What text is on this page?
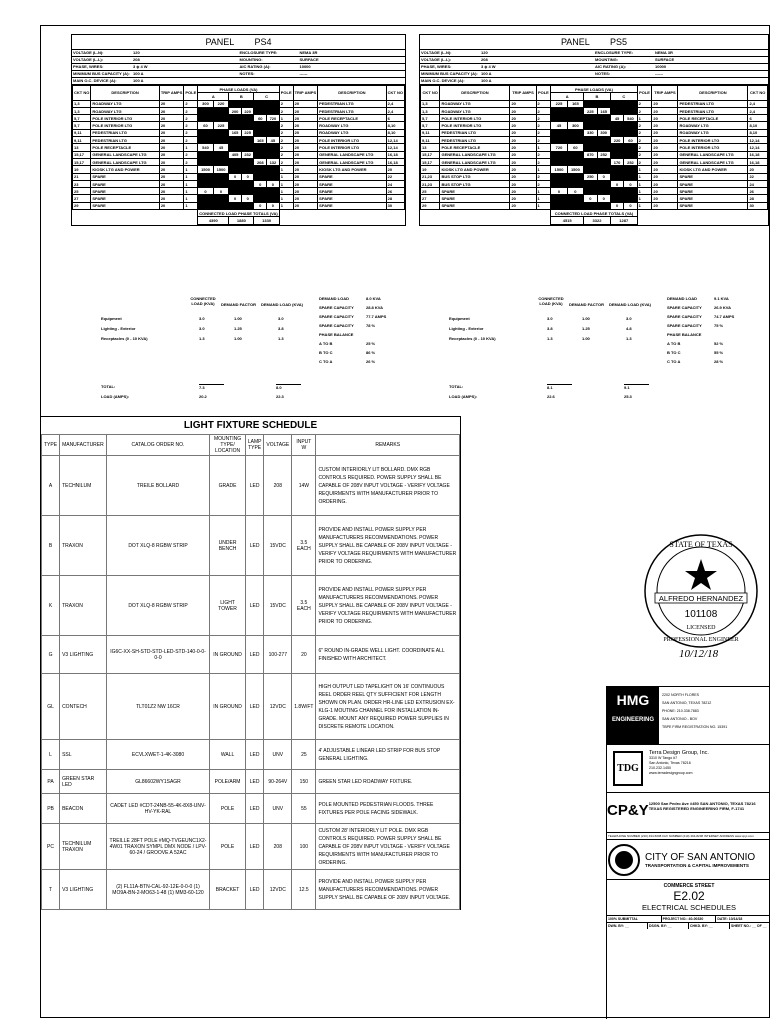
PANEL PS4
VOLTAGE (L-N):	120	ENCLOSURE TYPE:	NEMA 3R
VOLTAGE (L-L):	208	MOUNTING:	SURFACE
PHASE, WIRES:	3 ϕ 4 W	AIC RATING (A):	10000
MINIMUM BUS CAPACITY (A): 100 A	NOTES:	------
MAIN O.C. DEVICE (A):	100 A
CKT NO	DESCRIPTION	TRIP AMPS	POLE	PHASE LOADS (VA)						POLE	TRIP AMPS	DESCRIPTION	CKT NO
				A		B		C					
1,3	ROADWAY LTG	20	2	300	220					2	20	PEDESTRIAN LTG	2,4
1,3	ROADWAY LTG	20	2			200	220			2	20	PEDESTRIAN LTG	2,4
5,7	POLE INTERIOR LTG	20	2					60	720	1	20	POLE RECEPTACLE	6
5,7	POLE INTERIOR LTG	20	2	60	225					2	20	ROADWAY LTG	8,10
9,11	PEDESTRIAN LTG	20	2			165	225			2	20	ROADWAY LTG	8,10
9,11	PEDESTRIAN LTG	20	2					165	45	2	20	POLE INTERIOR LTG	12,14
13	POLE RECEPTACLE	20	1	540	45					2	20	POLE INTERIOR LTG	12,14
15,17	GENERAL LANDSCAPE LTG	20	2			405	232			2	20	GENERAL LANDSCAPE LTG	16,18
15,17	GENERAL LANDSCAPE LTG	20	2					208	132	2	20	GENERAL LANDSCAPE LTG	16,18
19	KIOSK LTG AND POWER	20	1	1500	1500					1	20	KIOSK LTG AND POWER	20
21	SPARE	20	1			0	0			1	20	SPARE	22
23	SPARE	20	1					0	0	1	20	SPARE	24
25	SPARE	20	1	0	0					1	20	SPARE	26
27	SPARE	20	1			0	0			1	20	SPARE	28
29	SPARE	20	1					0	0	1	20	SPARE	30
				CONNECTED LOAD PHASE TOTALS (VA)									
				4390		1880		1330					
PANEL PS5
VOLTAGE (L-N):	120	ENCLOSURE TYPE:	NEMA 3R
VOLTAGE (L-L):	208	MOUNTING:	SURFACE
PHASE, WIRES:	3 ϕ 4 W	AIC RATING (A):	10000
MINIMUM BUS CAPACITY (A): 100 A	NOTES:	------
MAIN O.C. DEVICE (A):	100 A
CKT NO	DESCRIPTION	TRIP AMPS	POLE	PHASE LOADS (VA)						POLE	TRIP AMPS	DESCRIPTION	CKT NO
				A		B		C					
1,3	ROADWAY LTG	20	2	225	165					2	20	PEDESTRIAN LTG	2,4
1,3	ROADWAY LTG	20	2			225	165			2	20	PEDESTRIAN LTG	2,4
5,7	POLE INTERIOR LTG	20	2					45	540	1	20	POLE RECEPTACLE	6
5,7	POLE INTERIOR LTG	20	2	45	300					2	20	ROADWAY LTG	8,10
9,11	PEDESTRIAN LTG	20	2			330	300			2	20	ROADWAY LTG	8,10
9,11	PEDESTRIAN LTG	20	2					220	60	2	20	POLE INTERIOR LTG	12,14
13	POLE RECEPTACLE	20	1	720	60					2	20	POLE INTERIOR LTG	12,14
15,17	GENERAL LANDSCAPE LTG	20	2			870	252			2	20	GENERAL LANDSCAPE LTG	16,18
15,17	GENERAL LANDSCAPE LTG	20	2					170	252	2	20	GENERAL LANDSCAPE LTG	16,18
19	KIOSK LTG AND POWER	20	1	1500	1500					1	20	KIOSK LTG AND POWER	20
21,23	BUS STOP LTG	20	2			250	0			1	20	SPARE	22
21,23	BUS STOP LTG	20	2					0	0	1	20	SPARE	24
25	SPARE	20	1	0	0					1	20	SPARE	26
27	SPARE	20	1			0	0			1	20	SPARE	28
29	SPARE	20	1					0	0	1	20	SPARE	30
				CONNECTED LOAD PHASE TOTALS (VA)									
				4515		3322		1287					
CONNECTED LOAD (KVA)	DEMAND FACTOR DEMAND LOAD (KVA)
Equipment	3.0	1.00	3.0
Lighting - Exterior	3.0	1.25	3.8
Receptacles (0 - 10 KVA)	1.3	1.00	1.3
DEMAND LOAD	8.0 KVA
SPARE CAPACITY	28.8 KVA
SPARE CAPACITY	77.7 AMPS
SPARE CAPACITY	78 %
PHASE BALANCE
A TO B	25 %
B TO C	86 %
C TO A	26 %
TOTAL:	7.3	8.0
LOAD (AMPS):	20.2	22.3
CONNECTED LOAD (KVA)	DEMAND FACTOR DEMAND LOAD (KVA)
Equipment	3.0	1.00	3.0
Lighting - Exterior	3.8	1.25	4.8
Receptacles (0 - 10 KVA)	1.3	1.00	1.3
DEMAND LOAD	9.1 KVA
SPARE CAPACITY	26.9 KVA
SPARE CAPACITY	74.7 AMPS
SPARE CAPACITY	75 %
PHASE BALANCE
A TO B	52 %
B TO C	55 %
C TO A	28 %
TOTAL:	8.1	9.1
LOAD (AMPS):	22.6	25.3
LIGHT FIXTURE SCHEDULE
TYPE	MANUFACTURER	CATALOG ORDER NO.	MOUNTING TYPE/ LOCATION	LAMP TYPE	VOLTAGE	INPUT W	REMARKS
A	TECHNILUM	TREILE BOLLARD	GRADE	LED	208	14W	CUSTOM INTERIORLY LIT BOLLARD. DMX RGB CONTROLS REQUIRED. POWER SUPPLY SHALL BE CAPABLE OF 208V INPUT VOLTAGE - VERIFY VOLTAGE REQUIRMENTS WITH MANUFACTURER PRIOR TO ORDERING.
B	TRAXON	DOT XLQ-8 RGBW STRIP	UNDER BENCH	LED	15VDC	3.5 EACH	PROVIDE AND INSTALL POWER SUPPLY PER MANUFACTURERS RECOMMENDATIONS. POWER SUPPLY SHALL BE CAPABLE OF 208V INPUT VOLTAGE - VERIFY VOLTAGE REQUIRMENTS WITH MANUFACTURER PRIOR TO ORDERING.
K	TRAXON	DOT XLQ-8 RGBW STRIP	LIGHT TOWER	LED	15VDC	3.5 EACH	PROVIDE AND INSTALL POWER SUPPLY PER MANUFACTURERS RECOMMENDATIONS. POWER SUPPLY SHALL BE CAPABLE OF 208V INPUT VOLTAGE - VERIFY VOLTAGE REQUIRMENTS WITH MANUFACTURER PRIOR TO ORDERING.
G	V3 LIGHTING	IG6C-XX-SH-STD-STD-LED-STD-140-0-0-0-0	IN GROUND	LED	100-277	20	6" ROUND IN-GRADE WELL LIGHT. COORDINATE ALL FINISHED WITH ARCHITECT.
GL	CONTECH	TLT01Z2 NW 16CR	IN GROUND	LED	12VDC	1.8W/FT	HIGH OUTPUT LED TAPELIGHT ON 16' CONTINUOUS REEL ORDER REEL QTY SUFFICIENT FOR LENGTH SHOWN ON PLAN. ORDER HR-LINE LED EXTRUSION EX-KLG-1 MOUTING CHANNEL FOR INSTALLATION IN-GRADE. MOUNT ANY REQUIRED POWER SUPPLIES IN DISCRETE REMOTE LOCATION.
L	SSL	ECVLXWET-1-4K-3080	WALL	LED	UNV	25	4' ADJUSTABLE LINEAR LED STRIP FOR BUS STOP GENERAL LIGHTING.
PA	GREEN STAR LED	GL86602WY1SAGR	POLE/ARM	LED	90-264V	150	GREEN STAR LED ROADWAY FIXTURE.
PB	BEACON	CADET LED #CDT-24NB-55-4K-8X8-UNV-HV-YK-RAL	POLE	LED	UNV	55	POLE MOUNTED PEDESTRIAN FLOODS. THREE FIXTURES PER POLE FACING SIDEWALK.
PC	TECHNILUM TRAXON	TREILLE 28FT POLE #MQ-TVGEUNC1X2-4W01 TRAXON SYMPL DMX NODE / LPV-60-24 / GROOVE A 52AC	POLE	LED	208	100	CUSTOM 28' INTERIORLY LIT POLE. DMX RGB CONTROLS REQUIRED. POWER SUPPLY SHALL BE CAPABLE OF 208V INPUT VOLTAGE - VERIFY VOLTAGE REQUIRMENTS WITH MANUFACTURER PRIOR TO ORDERING.
T	V3 LIGHTING	(2) FL11A-BTN-CAL-92-12E-0-0-0 (1) MO9A-BN-2-MO63-1-48 (1) MM3-60-120	BRACKET	LED	12VDC	12.5	PROVIDE AND INSTALL POWER SUPPLY PER MANUFACTURERS RECOMMENDATIONS. POWER SUPPLY SHALL BE CAPABLE OF 208V INPUT VOLTAGE.
STATE OF TEXAS
ALFREDO HERNANDEZ
101108
LICENSED
PROFESSIONAL ENGINEER
10/12/18
HMG
ENGINEERING
2202 NORTH FLORES
SAN ANTONIO, TEXAS 78212
PHONE: 210.338.7883
SAN ANTONIO - BOV
TBPE FIRM REGISTRATION NO. 15391
TDG
Terra Design Group, Inc.
3310 W Tango #7
San Antonio, Texas 78216
210.232.1450
www.terradesigngroup.com
CP&Y 12500 San Pedro Ave #450 SAN ANTONIO, TEXAS 78216 TEXAS REGISTERED ENGINEERING FIRM, F-1741
TELEPHONE NUMBER (210) 494-5008 FAX NUMBER (210) 494-8238 INTERNET ADDRESS www.cpyi.com
CITY OF SAN ANTONIO
TRANSPORTATION & CAPITAL IMPROVEMENTS
COMMERCE STREET
E2.02
ELECTRICAL SCHEDULES
100% SUBMITTAL	PROJECT NO.: 40-00330	DATE: 10/14/18
DWN. BY: __	DSGN. BY: __	CHKD. BY: __	SHEET NO.: __ OF __
